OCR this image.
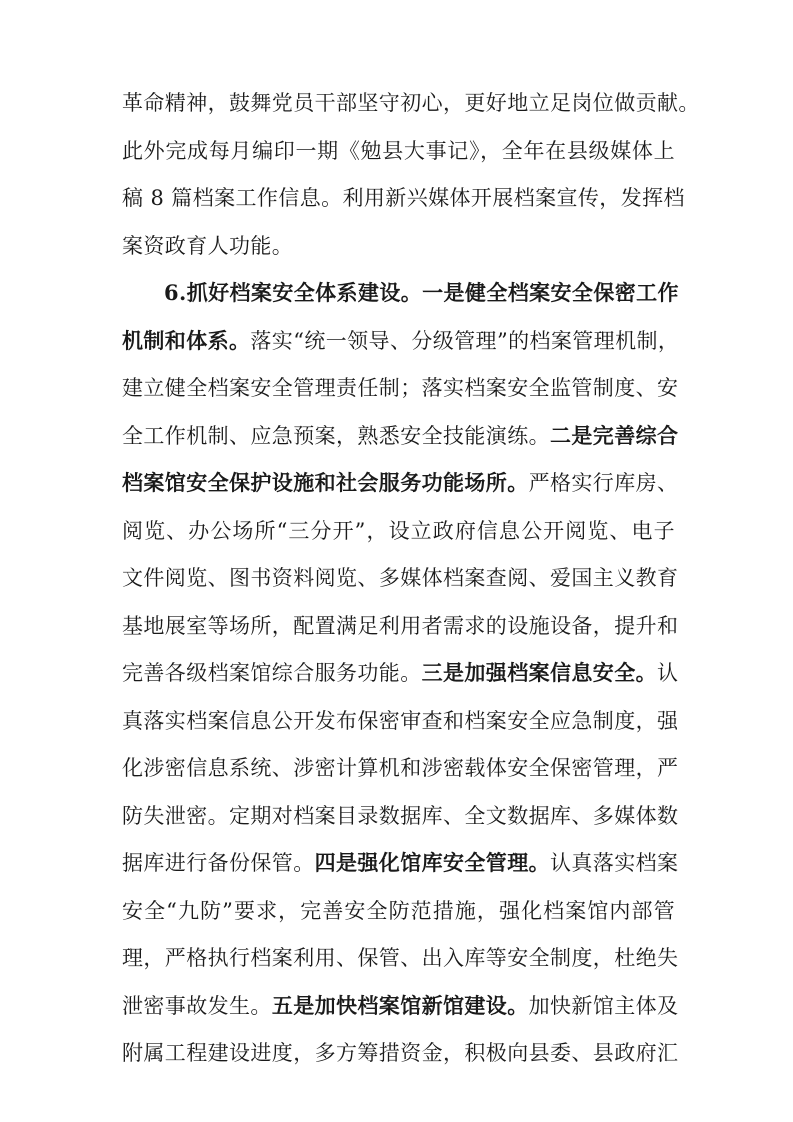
革命精神，鼓舞党员干部坚守初心，更好地立足岗位做贡献。
此外完成每月编印一期《勉县大事记》，全年在县级媒体上
稿 8 篇档案工作信息。利用新兴媒体开展档案宣传，发挥档
案资政育人功能。
6.抓好档案安全体系建设。一是健全档案安全保密工作
机制和体系。落实“统一领导、分级管理”的档案管理机制，
建立健全档案安全管理责任制；落实档案安全监管制度、安
全工作机制、应急预案，熟悉安全技能演练。二是完善综合
档案馆安全保护设施和社会服务功能场所。严格实行库房、
阅览、办公场所“三分开”，设立政府信息公开阅览、电子
文件阅览、图书资料阅览、多媒体档案查阅、爱国主义教育
基地展室等场所，配置满足利用者需求的设施设备，提升和
完善各级档案馆综合服务功能。三是加强档案信息安全。认
真落实档案信息公开发布保密审查和档案安全应急制度，强
化涉密信息系统、涉密计算机和涉密载体安全保密管理，严
防失泄密。定期对档案目录数据库、全文数据库、多媒体数
据库进行备份保管。四是强化馆库安全管理。认真落实档案
安全“九防”要求，完善安全防范措施，强化档案馆内部管
理，严格执行档案利用、保管、出入库等安全制度，杜绝失
泄密事故发生。五是加快档案馆新馆建设。加快新馆主体及
附属工程建设进度，多方筹措资金，积极向县委、县政府汇
